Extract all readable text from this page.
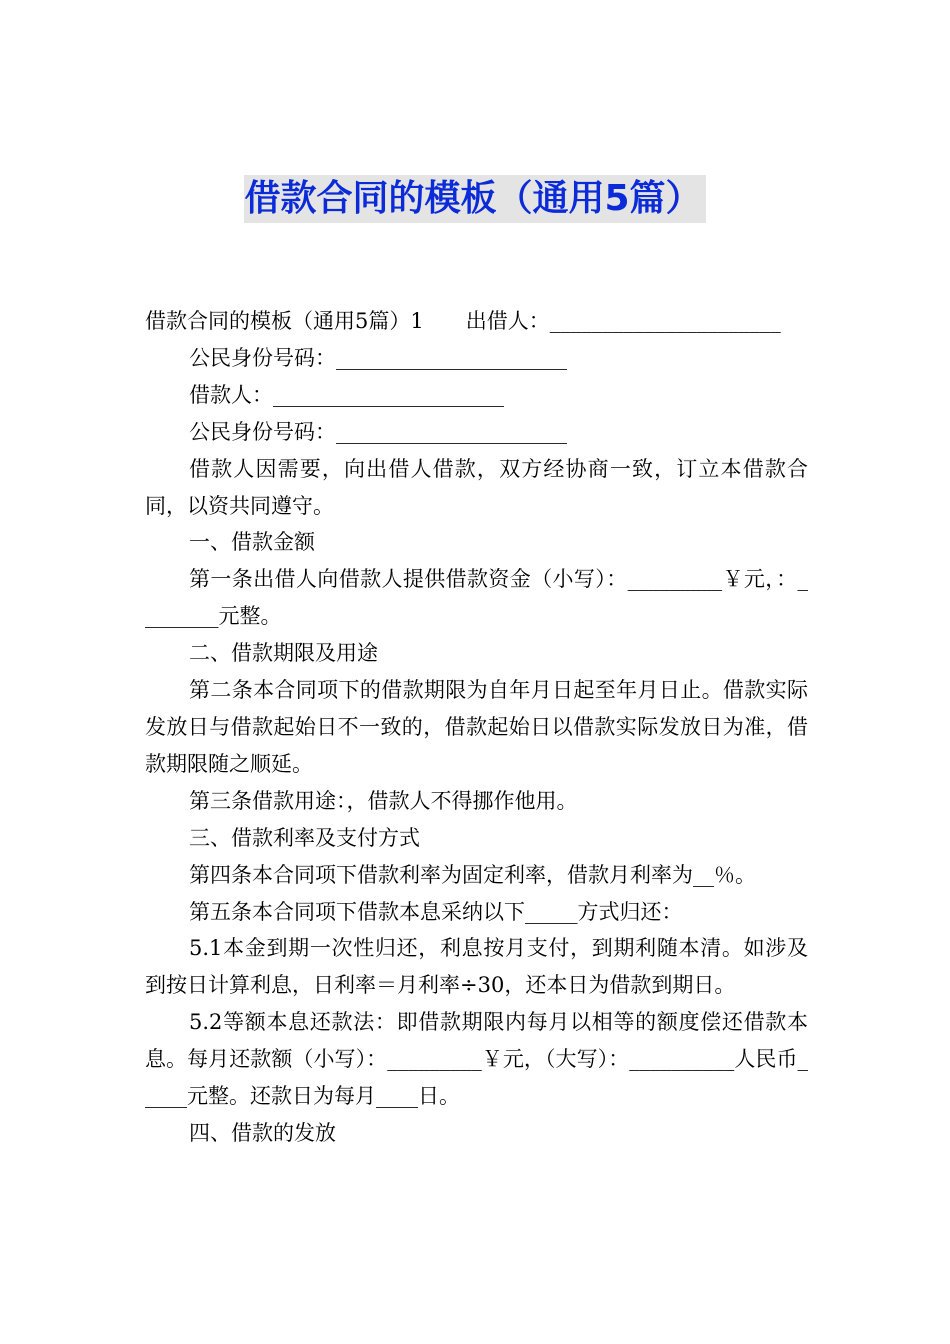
借款合同的模板（通用5篇）

借款合同的模板（通用5篇）1　　出借人：______________________

公民身份号码：______________________

借款人：______________________

公民身份号码：______________________

借款人因需要，向出借人借款，双方经协商一致，订立本借款合同，以资共同遵守。

一、借款金额

第一条出借人向借款人提供借款资金（小写）：_________￥元，：________元整。

二、借款期限及用途

第二条本合同项下的借款期限为自年月日起至年月日止。借款实际发放日与借款起始日不一致的，借款起始日以借款实际发放日为准，借款期限随之顺延。

第三条借款用途：，借款人不得挪作他用。

三、借款利率及支付方式

第四条本合同项下借款利率为固定利率，借款月利率为__％。

第五条本合同项下借款本息采纳以下_____方式归还：

5.1本金到期一次性归还，利息按月支付，到期利随本清。如涉及到按日计算利息，日利率＝月利率÷30，还本日为借款到期日。

5.2等额本息还款法：即借款期限内每月以相等的额度偿还借款本息。每月还款额（小写）：_________￥元，（大写）：__________人民币_____元整。还款日为每月____日。

四、借款的发放
